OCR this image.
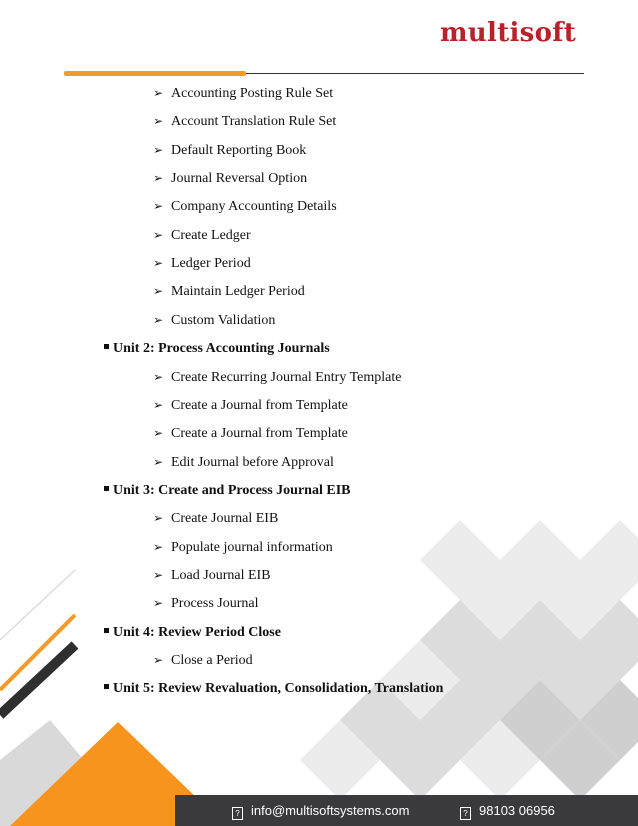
multisoft
➢ Accounting Posting Rule Set
➢ Account Translation Rule Set
➢ Default Reporting Book
➢ Journal Reversal Option
➢ Company Accounting Details
➢ Create Ledger
➢ Ledger Period
➢ Maintain Ledger Period
➢ Custom Validation
Unit 2: Process Accounting Journals
➢ Create Recurring Journal Entry Template
➢ Create a Journal from Template
➢ Create a Journal from Template
➢ Edit Journal before Approval
Unit 3: Create and Process Journal EIB
➢ Create Journal EIB
➢ Populate journal information
➢ Load Journal EIB
➢ Process Journal
Unit 4: Review Period Close
➢ Close a Period
Unit 5: Review Revaluation, Consolidation, Translation
? info@multisoftsystems.com	? 98103 06956
